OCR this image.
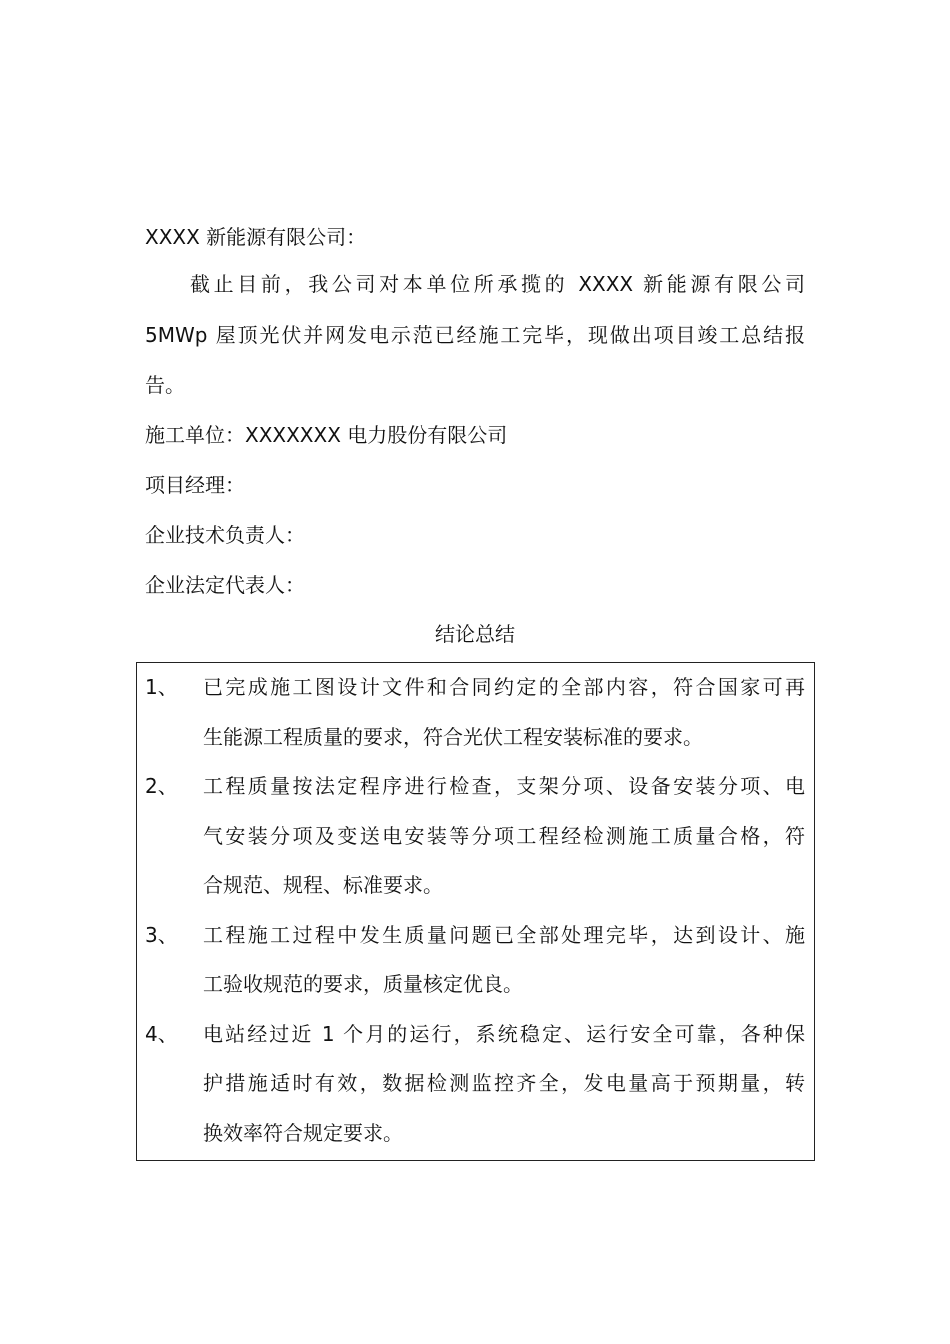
XXXX 新能源有限公司：
截止目前，我公司对本单位所承揽的 XXXX 新能源有限公司
5MWp 屋顶光伏并网发电示范已经施工完毕，现做出项目竣工总结报
告。
施工单位：XXXXXXX 电力股份有限公司
项目经理：
企业技术负责人：
企业法定代表人：
结论总结
1、 已完成施工图设计文件和合同约定的全部内容，符合国家可再
生能源工程质量的要求，符合光伏工程安装标准的要求。
2、 工程质量按法定程序进行检查，支架分项、设备安装分项、电
气安装分项及变送电安装等分项工程经检测施工质量合格，符
合规范、规程、标准要求。
3、 工程施工过程中发生质量问题已全部处理完毕，达到设计、施
工验收规范的要求，质量核定优良。
4、 电站经过近 1 个月的运行，系统稳定、运行安全可靠，各种保
护措施适时有效，数据检测监控齐全，发电量高于预期量，转
换效率符合规定要求。
